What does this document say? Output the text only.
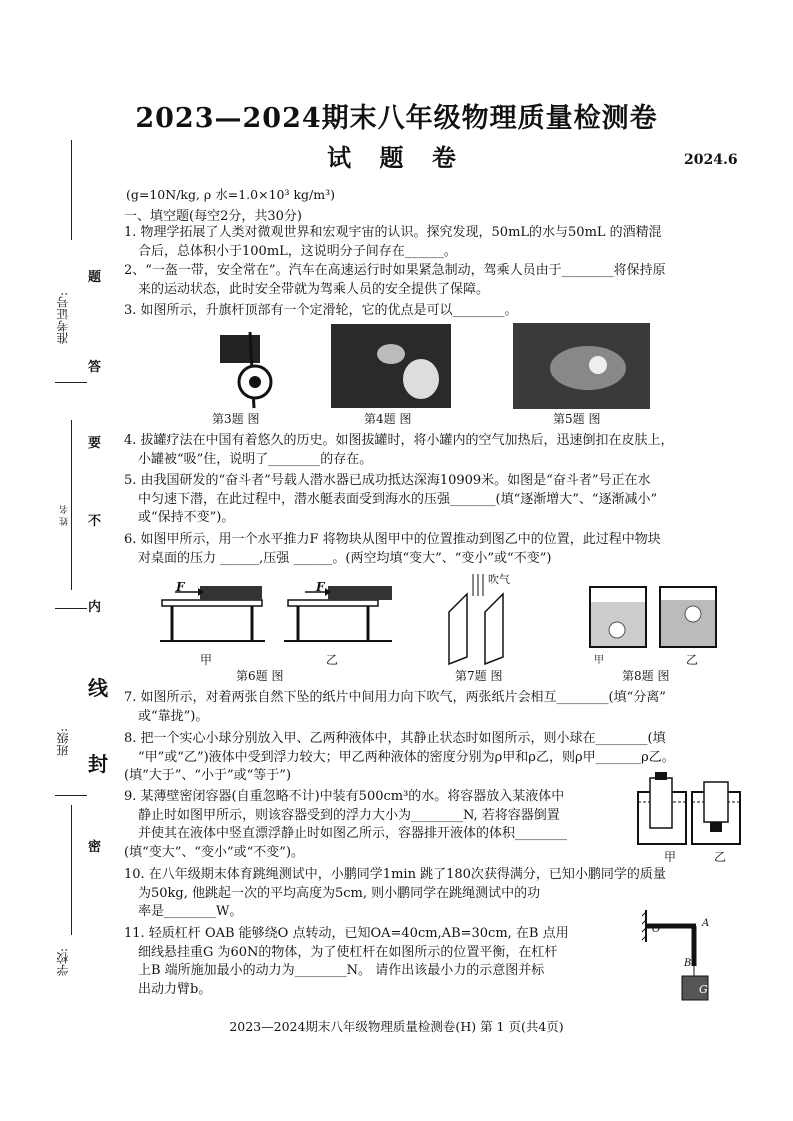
2023—2024期末八年级物理质量检测卷
试 题 卷	2024.6
(g=10N/kg, ρ 水=1.0×10³ kg/m³)
一、填空题(每空2分，共30分)
准考证号:
姓 名
班级:
学校:
题
答
要
不
内
线
封
密
1. 物理学拓展了人类对微观世界和宏观宇宙的认识。探究发现，50mL的水与50mL 的酒精混
合后，总体积小于100mL，这说明分子间存在______。
2、“一盔一带，安全常在”。汽车在高速运行时如果紧急制动，驾乘人员由于________将保持原
来的运动状态，此时安全带就为驾乘人员的安全提供了保障。
3. 如图所示，升旗杆顶部有一个定滑轮，它的优点是可以________。
第3题 图	第4题 图	第5题 图
4. 拔罐疗法在中国有着悠久的历史。如图拔罐时，将小罐内的空气加热后，迅速倒扣在皮肤上，
小罐被“吸”住，说明了________的存在。
5. 由我国研发的“奋斗者”号载人潜水器已成功抵达深海10909米。如图是“奋斗者”号正在水
中匀速下潜，在此过程中，潜水艇表面受到海水的压强_______(填“逐渐增大”、“逐渐减小”
或“保持不变”)。
6. 如图甲所示，用一个水平推力F 将物块从图甲中的位置推动到图乙中的位置，此过程中物块
对桌面的压力 ______,压强 ______。(两空均填“变大”、“变小”或“不变”)
F	F
甲	乙
第6题 图
吹气
第7题 图
甲	乙
第8题 图
7. 如图所示，对着两张自然下坠的纸片中间用力向下吹气，两张纸片会相互________(填“分离”
或“靠拢”)。
8. 把一个实心小球分别放入甲、乙两种液体中，其静止状态时如图所示，则小球在________(填
“甲”或“乙”)液体中受到浮力较大；甲乙两种液体的密度分别为ρ甲和ρ乙，则ρ甲_______ρ乙。
(填“大于”、“小于”或“等于”)
9. 某薄壁密闭容器(自重忽略不计)中装有500cm³的水。将容器放入某液体中
静止时如图甲所示，则该容器受到的浮力大小为________N, 若将容器倒置
并使其在液体中竖直漂浮静止时如图乙所示，容器排开液体的体积________
(填“变大”、“变小”或“不变”)。	甲	乙
10. 在八年级期末体育跳绳测试中，小鹏同学1min 跳了180次获得满分，已知小鹏同学的质量
为50kg, 他跳起一次的平均高度为5cm, 则小鹏同学在跳绳测试中的功
率是________W。
11. 轻质杠杆 OAB 能够绕O 点转动，已知OA=40cm,AB=30cm, 在B 点用
细线悬挂重G 为60N的物体，为了使杠杆在如图所示的位置平衡，在杠杆
上B 端所施加最小的动力为________N。 请作出该最小力的示意图并标
出动力臂b。
O
A
B
G
2023—2024期末八年级物理质量检测卷(H) 第 1 页(共4页)
